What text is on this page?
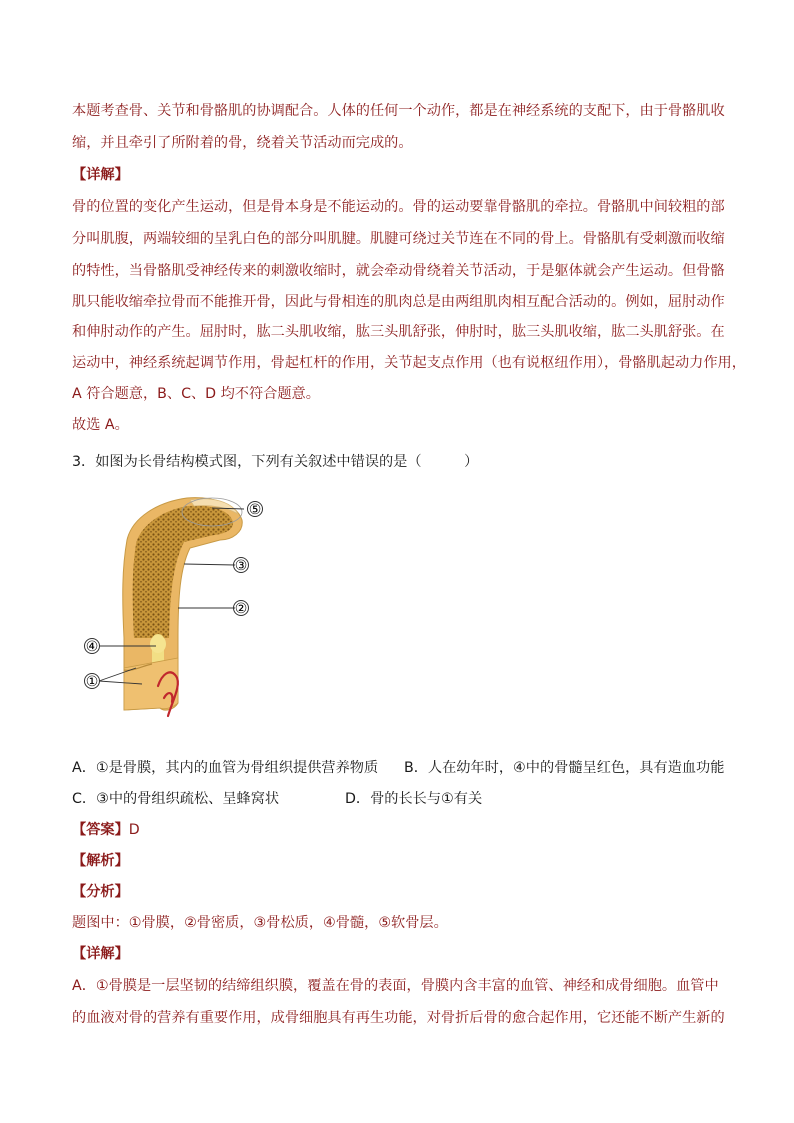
本题考查骨、关节和骨骼肌的协调配合。人体的任何一个动作，都是在神经系统的支配下，由于骨骼肌收
缩，并且牵引了所附着的骨，绕着关节活动而完成的。
【详解】
骨的位置的变化产生运动，但是骨本身是不能运动的。骨的运动要靠骨骼肌的牵拉。骨骼肌中间较粗的部
分叫肌腹，两端较细的呈乳白色的部分叫肌腱。肌腱可绕过关节连在不同的骨上。骨骼肌有受刺激而收缩
的特性，当骨骼肌受神经传来的刺激收缩时，就会牵动骨绕着关节活动，于是躯体就会产生运动。但骨骼
肌只能收缩牵拉骨而不能推开骨，因此与骨相连的肌肉总是由两组肌肉相互配合活动的。例如，屈肘动作
和伸肘动作的产生。屈肘时，肱二头肌收缩，肱三头肌舒张，伸肘时，肱三头肌收缩，肱二头肌舒张。在
运动中，神经系统起调节作用，骨起杠杆的作用，关节起支点作用（也有说枢纽作用），骨骼肌起动力作用，
A 符合题意，B、C、D 均不符合题意。
故选 A。
3．如图为长骨结构模式图，下列有关叙述中错误的是（　　　）
⑤
③
②
④
①
A．①是骨膜，其内的血管为骨组织提供营养物质 B．人在幼年时，④中的骨髓呈红色，具有造血功能
C．③中的骨组织疏松、呈蜂窝状	D．骨的长长与①有关
【答案】D
【解析】
【分析】
题图中：①骨膜，②骨密质，③骨松质，④骨髓，⑤软骨层。
【详解】
A．①骨膜是一层坚韧的结缔组织膜，覆盖在骨的表面，骨膜内含丰富的血管、神经和成骨细胞。血管中
的血液对骨的营养有重要作用，成骨细胞具有再生功能，对骨折后骨的愈合起作用，它还能不断产生新的
